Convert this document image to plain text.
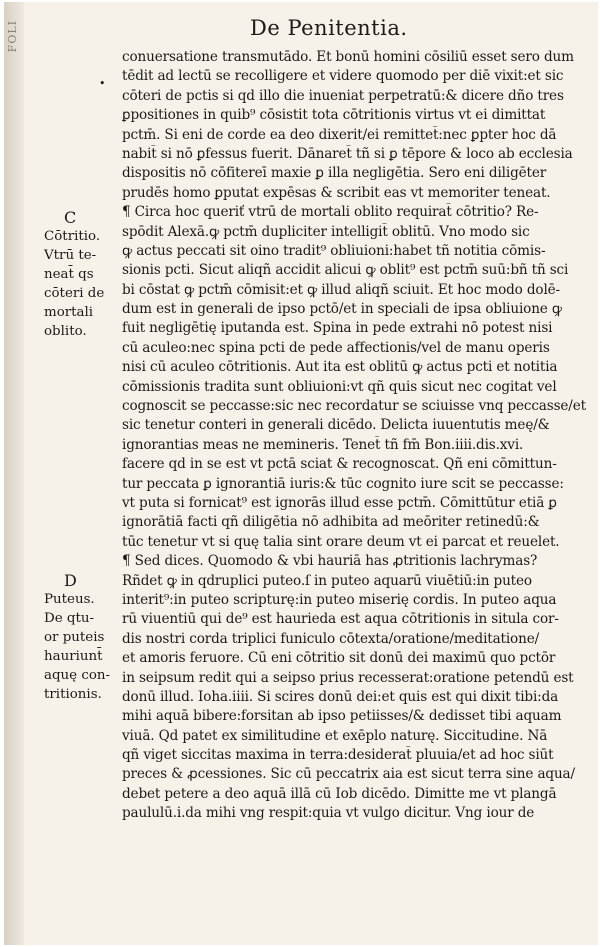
FOLI	De Penitentia.
•
conuersatione transmutādo. Et bonū homini cōsiliū esset sero dum
tēdit ad lectū se recolligere et videre quomodo per diē vixit:et sic
cōteri de pctis si qd illo die inueniat perpetratū:& dicere dño tres
ꝑpositiones in quib⁹ cōsistit tota cōtritionis virtus vt ei dimittat
pctm̄. Si eni de corde ea deo dixerit/ei remittet̄:nec ꝑpter hoc dā
nabit̄ si nō ꝑfessus fuerit. Dānaret̄ tñ si ꝑ tēpore & loco ab ecclesia
dispositis nō cōfitereī maxie ꝑ illa negligētia. Sero eni diligēter
prudēs homo ꝑputat expēsas & scribit eas vt memoriter teneat.
¶ Circa hoc queriť vtrū de mortali oblito requirat̄ cōtritio? Re-
spōdit Alexā.ꝙ pctm̄ dupliciter intelligit̄ oblitū. Vno modo sic
ꝙ actus peccati sit oino tradit⁹ obliuioni:habet tñ notitia cōmis-
sionis pcti. Sicut aliqñ accidit alicui ꝙ oblit⁹ est pctm̄ suū:bñ tñ sci
bi cōstat ꝙ pctm̄ cōmisit:et ꝙ illud aliqñ sciuit. Et hoc modo dolē-
dum est in generali de ipso pctō/et in speciali de ipsa obliuione ꝙ
fuit negligētię iputanda est. Spina in pede extrahi nō potest nisi
cū aculeo:nec spina pcti de pede affectionis/vel de manu operis
nisi cū aculeo cōtritionis. Aut ita est oblitū ꝙ actus pcti et notitia
cōmissionis tradita sunt obliuioni:vt qñ quis sicut nec cogitat vel
cognoscit se peccasse:sic nec recordatur se sciuisse vnq peccasse/et
sic tenetur conteri in generali dicēdo. Delicta iuuentutis meę/&
ignorantias meas ne memineris. Tenet̄ tñ fm̄ Bon.iiii.dis.xvi.
facere qd in se est vt pctā sciat & recognoscat. Qñ eni cōmittun-
tur peccata ꝑ ignorantiā iuris:& tūc cognito iure scit se peccasse:
vt puta si fornicat⁹ est ignorās illud esse pctm̄. Cōmittūtur etiā ꝑ
ignorātiā facti qñ diligētia nō adhibita ad meōriter retinedū:&
tūc tenetur vt si quę talia sint orare deum vt ei parcat et reuelet.
¶ Sed dices. Quomodo & vbi hauriā has ꝓtritionis lachrymas?
Rñdet ꝙ in qdruplici puteo.ſ in puteo aquarū viuētiū:in puteo
interit⁹:in puteo scripturę:in puteo miserię cordis. In puteo aqua
rū viuentiū qui de⁹ est haurieda est aqua cōtritionis in situla cor-
dis nostri corda triplici funiculo cōtexta/oratione/meditatione/
et amoris feruore. Cū eni cōtritio sit donū dei maximū quo pctōr
in seipsum redit qui a seipso prius recesserat:oratione petendū est
donū illud. Ioha.iiii. Si scires donū dei:et quis est qui dixit tibi:da
mihi aquā bibere:forsitan ab ipso petiisses/& dedisset tibi aquam
viuā. Qd patet ex similitudine et exēplo naturę. Siccitudine. Nā
qñ viget siccitas maxima in terra:desiderat̄ pluuia/et ad hoc siūt
preces & ꝓcessiones. Sic cū peccatrix aia est sicut terra sine aqua/
debet petere a deo aquā illā cū Iob dicēdo. Dimitte me vt plangā
paululū.i.da mihi vng respit:quia vt vulgo dicitur. Vng iour de
C
Cōtritio.
Vtrū te-
neat̄ qs
cōteri de
mortali
oblito.
D
Puteus.
De qtu-
or puteis
hauriunt̄
aquę con-
tritionis.
